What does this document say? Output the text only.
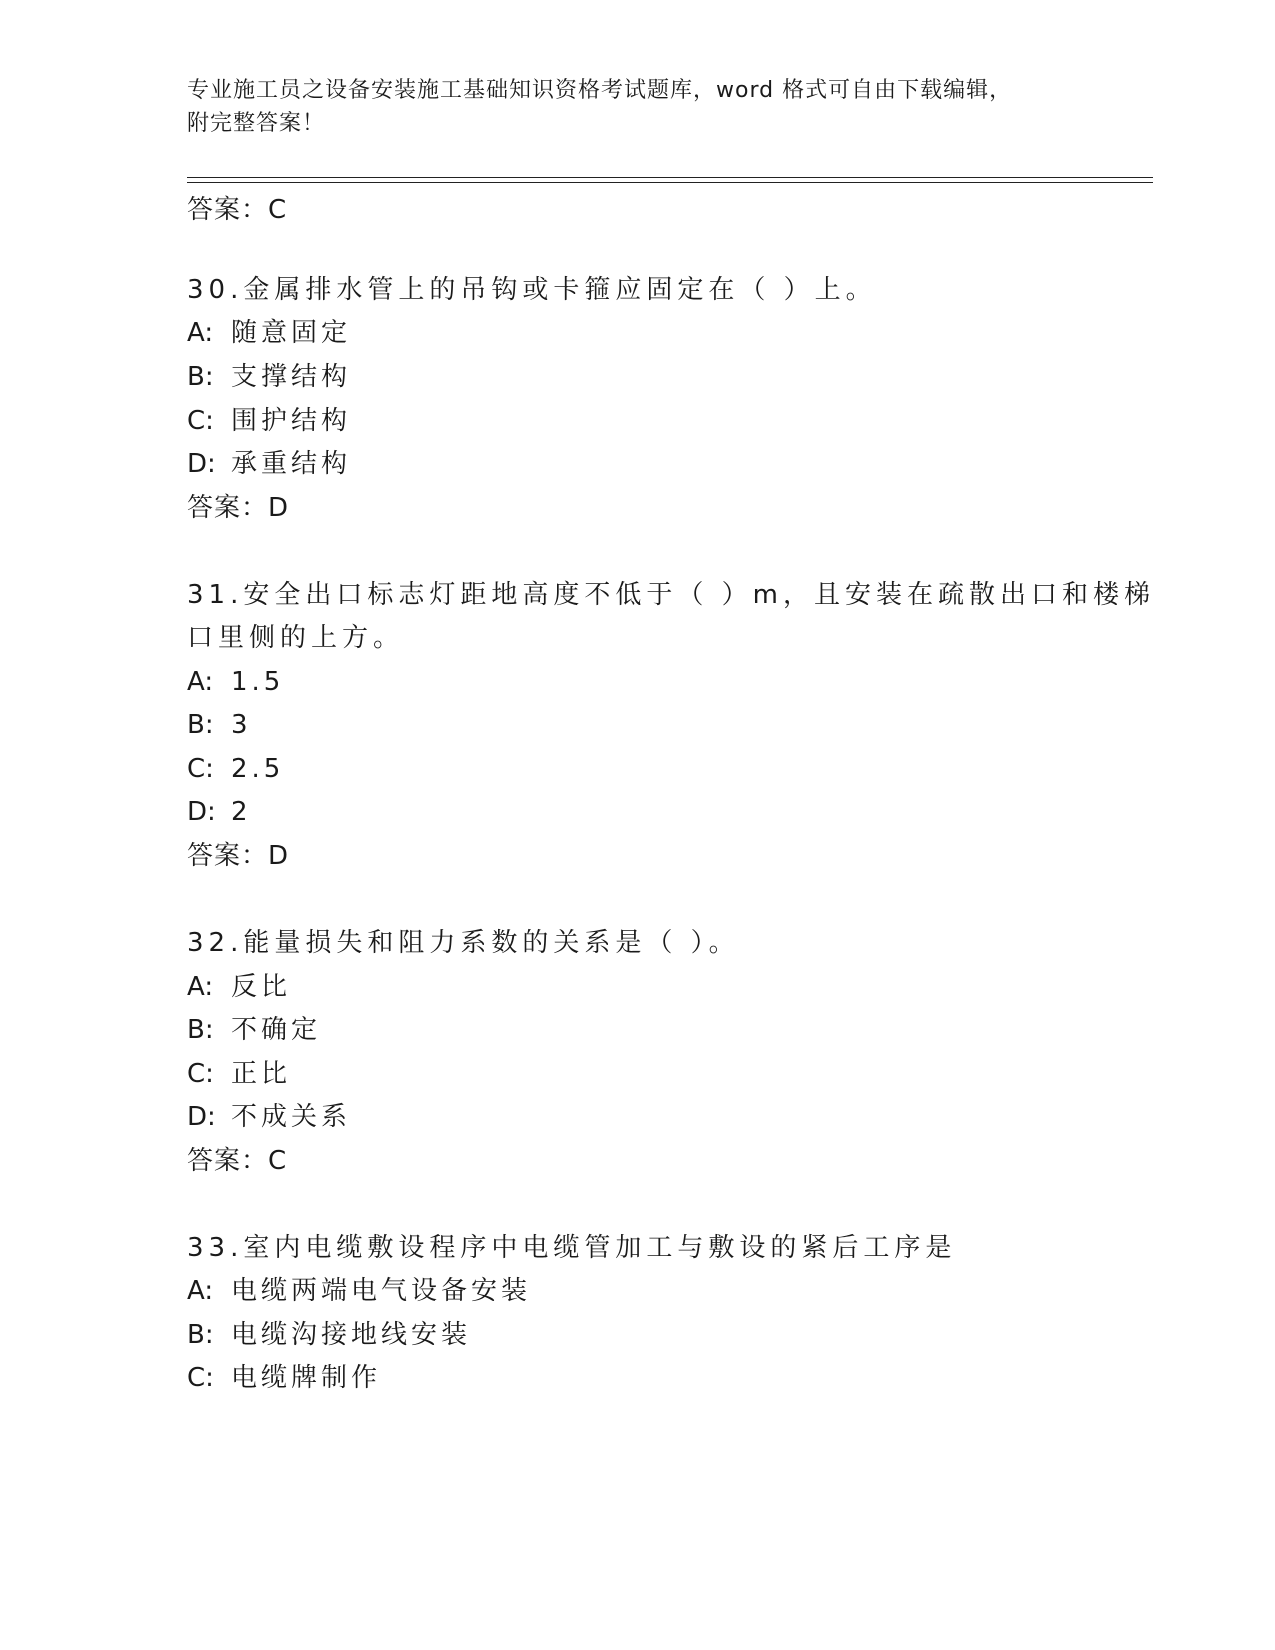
专业施工员之设备安装施工基础知识资格考试题库，word 格式可自由下载编辑，
附完整答案！
答案：C
30.金属排水管上的吊钩或卡箍应固定在（ ）上。
A: 随意固定
B: 支撑结构
C: 围护结构
D: 承重结构
答案：D
31.安全出口标志灯距地高度不低于（ ）m，且安装在疏散出口和楼梯
口里侧的上方。
A: 1.5
B: 3
C: 2.5
D: 2
答案：D
32.能量损失和阻力系数的关系是（ ）。
A: 反比
B: 不确定
C: 正比
D: 不成关系
答案：C
33.室内电缆敷设程序中电缆管加工与敷设的紧后工序是
A: 电缆两端电气设备安装
B: 电缆沟接地线安装
C: 电缆牌制作
